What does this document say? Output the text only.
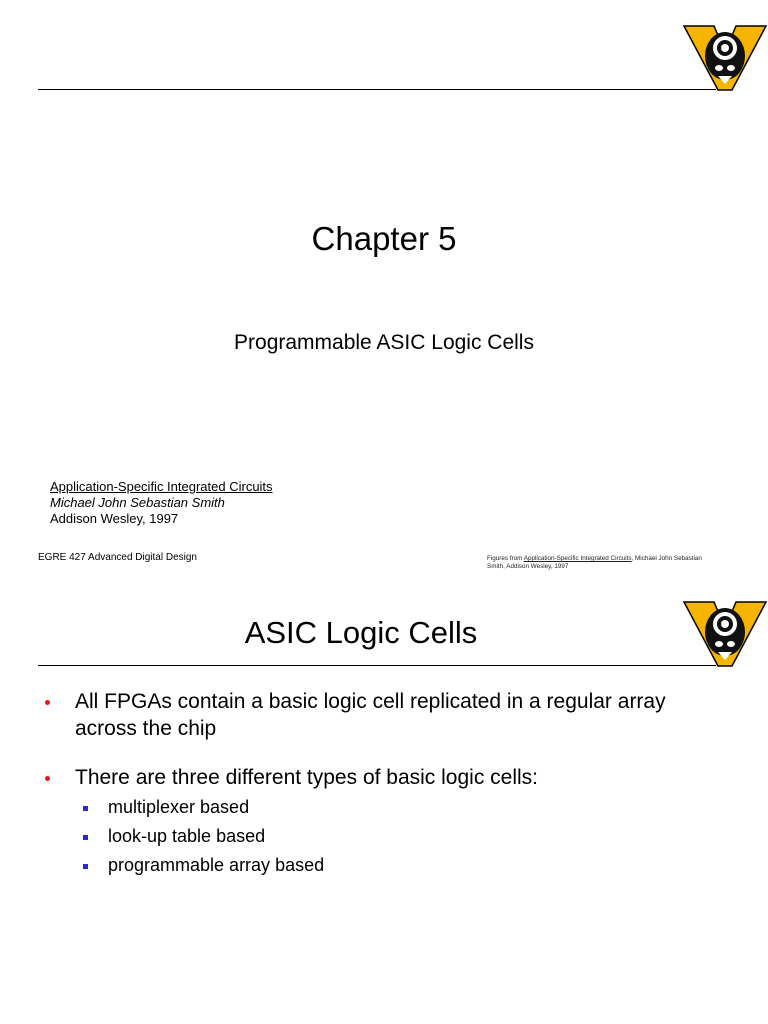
Chapter 5
Programmable ASIC Logic Cells
Application-Specific Integrated Circuits
Michael John Sebastian Smith
Addison Wesley, 1997
EGRE 427 Advanced Digital Design	Figures from Application-Specific Integrated Circuits, Michael John Sebastian Smith, Addison Wesley, 1997
ASIC Logic Cells
All FPGAs contain a basic logic cell replicated in a regular array across the chip
There are three different types of basic logic cells:
multiplexer based
look-up table based
programmable array based
